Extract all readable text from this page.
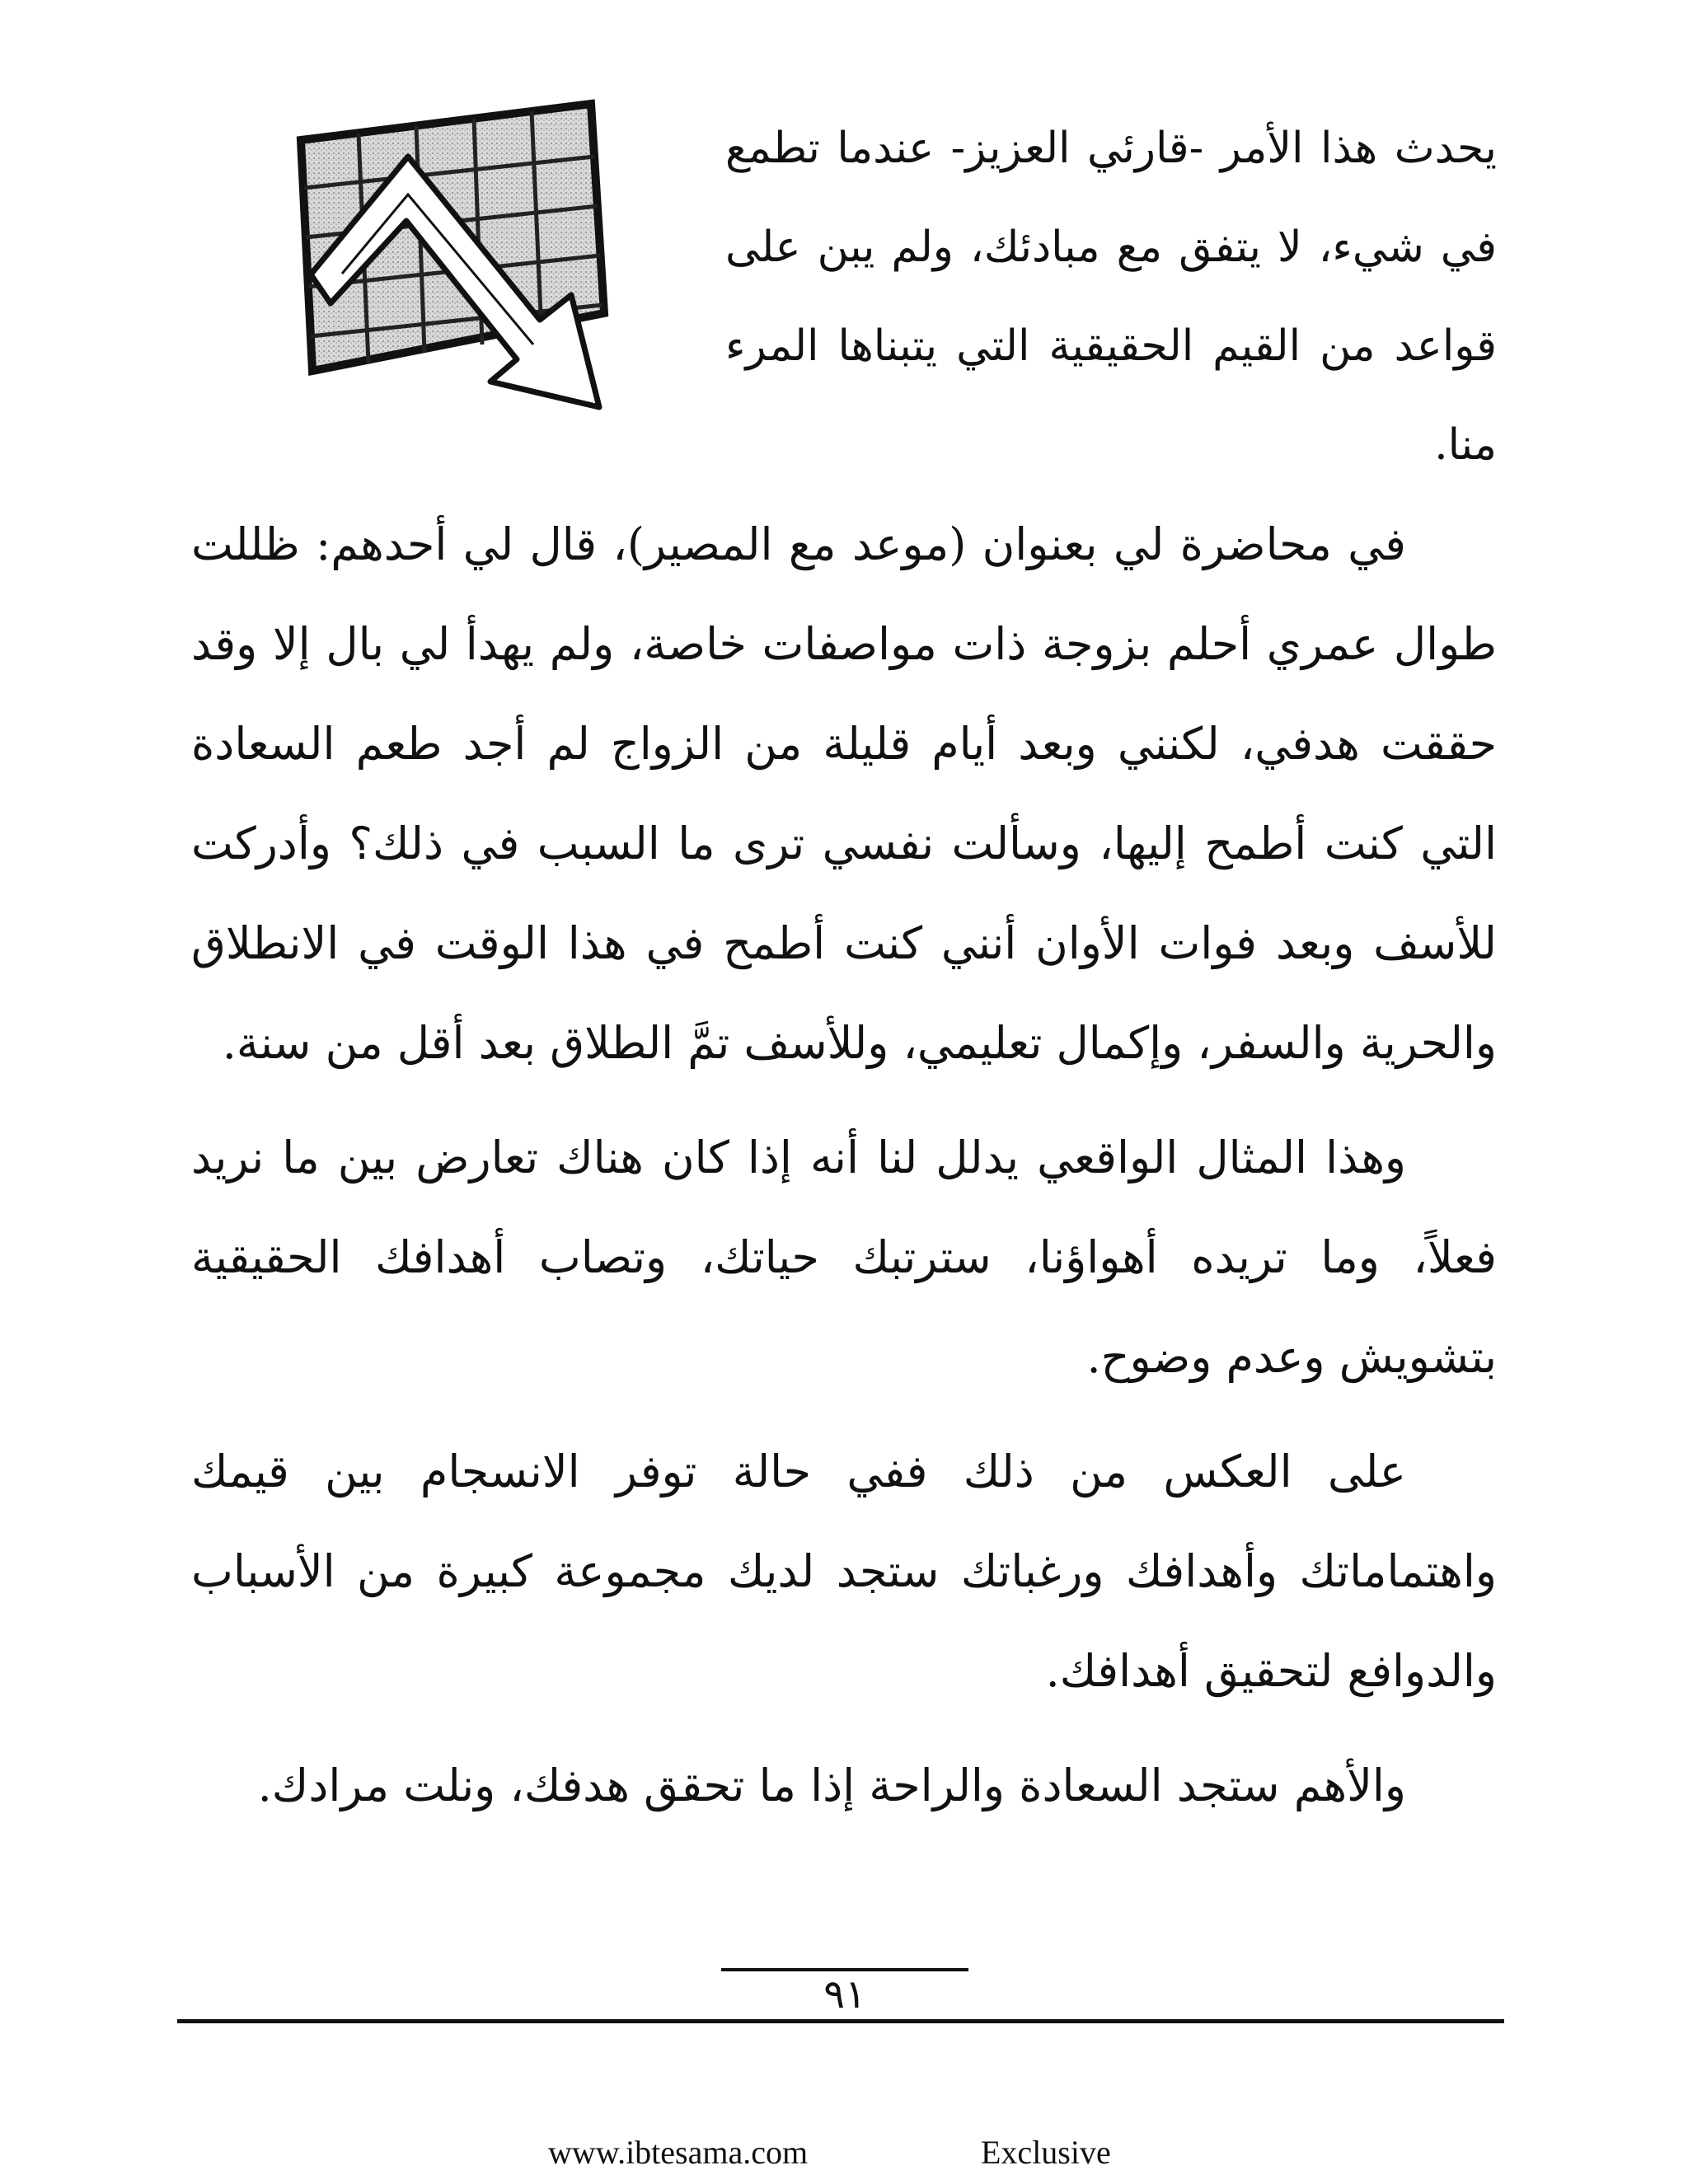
يحدث هذا الأمر -قارئي العزيز- عندما تطمع في شيء، لا يتفق مع مبادئك، ولم يبن على قواعد من القيم الحقيقية التي يتبناها المرء منا.

في محاضرة لي بعنوان (موعد مع المصير)، قال لي أحدهم: ظللت طوال عمري أحلم بزوجة ذات مواصفات خاصة، ولم يهدأ لي بال إلا وقد حققت هدفي، لكنني وبعد أيام قليلة من الزواج لم أجد طعم السعادة التي كنت أطمح إليها، وسألت نفسي ترى ما السبب في ذلك؟ وأدركت للأسف وبعد فوات الأوان أنني كنت أطمح في هذا الوقت في الانطلاق والحرية والسفر، وإكمال تعليمي، وللأسف تمَّ الطلاق بعد أقل من سنة.

وهذا المثال الواقعي يدلل لنا أنه إذا كان هناك تعارض بين ما نريد فعلاً، وما تريده أهواؤنا، سترتبك حياتك، وتصاب أهدافك الحقيقية بتشويش وعدم وضوح.

على العكس من ذلك ففي حالة توفر الانسجام بين قيمك واهتماماتك وأهدافك ورغباتك ستجد لديك مجموعة كبيرة من الأسباب والدوافع لتحقيق أهدافك.

والأهم ستجد السعادة والراحة إذا ما تحقق هدفك، ونلت مرادك.

٩١
www.ibtesama.com	Exclusive
